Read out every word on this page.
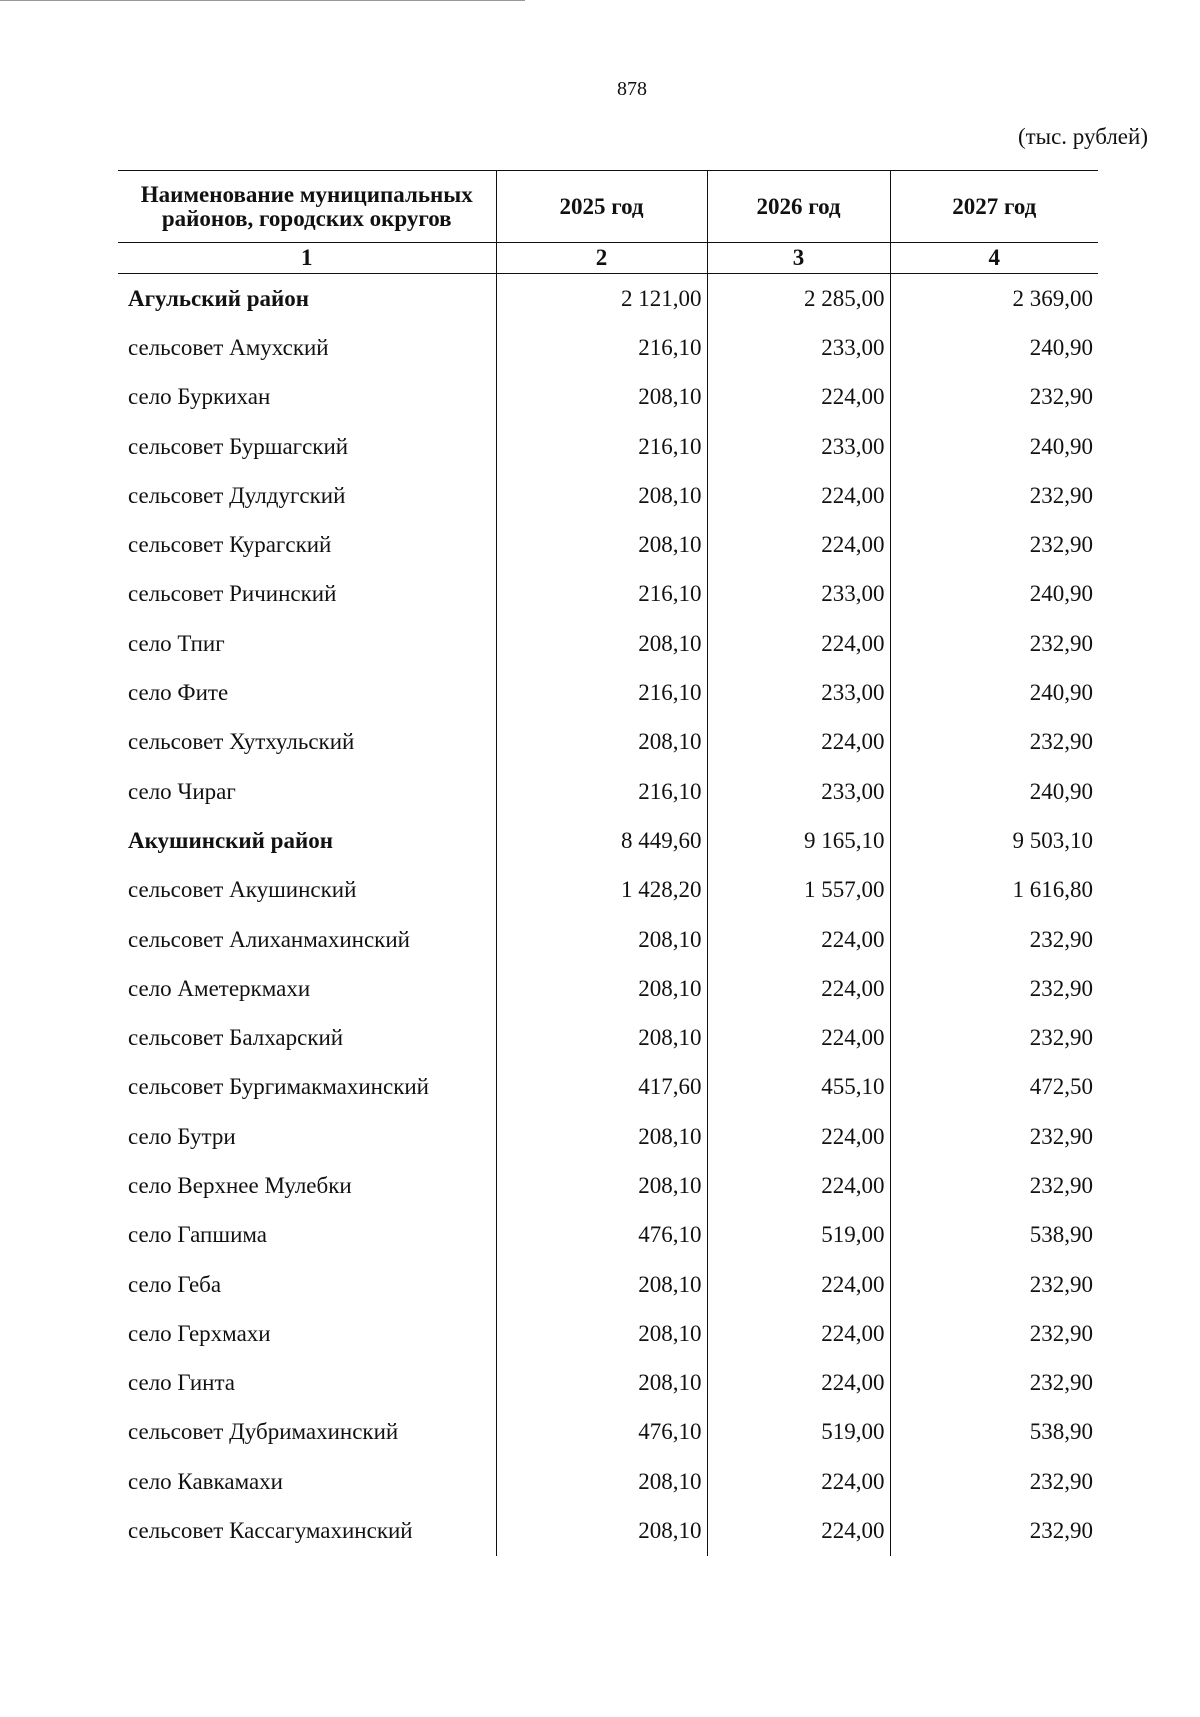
878
(тыс. рублей)
Наименование муниципальных районов, городских округов	2025 год	2026 год	2027 год
1	2	3	4
Агульский район	2 121,00	2 285,00	2 369,00
сельсовет Амухский	216,10	233,00	240,90
село Буркихан	208,10	224,00	232,90
сельсовет Буршагский	216,10	233,00	240,90
сельсовет Дулдугский	208,10	224,00	232,90
сельсовет Курагский	208,10	224,00	232,90
сельсовет Ричинский	216,10	233,00	240,90
село Тпиг	208,10	224,00	232,90
село Фите	216,10	233,00	240,90
сельсовет Хутхульский	208,10	224,00	232,90
село Чираг	216,10	233,00	240,90
Акушинский район	8 449,60	9 165,10	9 503,10
сельсовет Акушинский	1 428,20	1 557,00	1 616,80
сельсовет Алиханмахинский	208,10	224,00	232,90
село Аметеркмахи	208,10	224,00	232,90
сельсовет Балхарский	208,10	224,00	232,90
сельсовет Бургимакмахинский	417,60	455,10	472,50
село Бутри	208,10	224,00	232,90
село Верхнее Мулебки	208,10	224,00	232,90
село Гапшима	476,10	519,00	538,90
село Геба	208,10	224,00	232,90
село Герхмахи	208,10	224,00	232,90
село Гинта	208,10	224,00	232,90
сельсовет Дубримахинский	476,10	519,00	538,90
село Кавкамахи	208,10	224,00	232,90
сельсовет Кассагумахинский	208,10	224,00	232,90
